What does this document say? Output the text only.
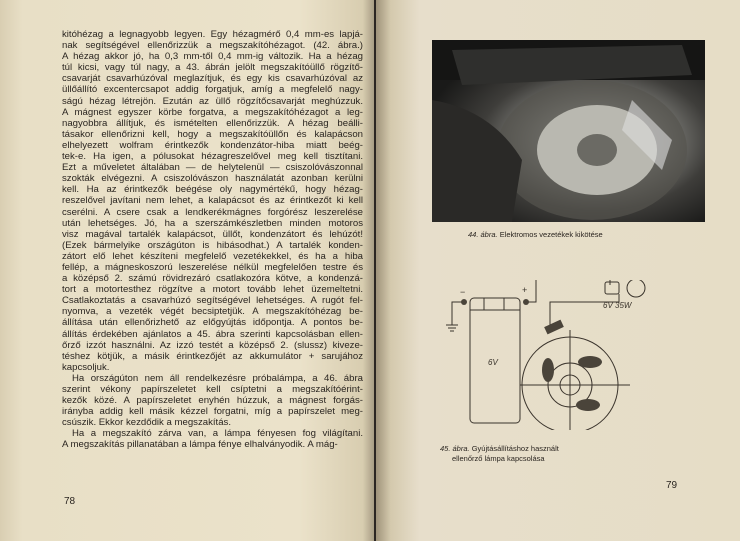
kitóhézag a legnagyobb legyen. Egy hézagmérő 0,4 mm-es lapjá-
nak segítségével ellenőrizzük a megszakítóhézagot. (42. ábra.)
A hézag akkor jó, ha 0,3 mm-től 0,4 mm-ig változik. Ha a hézag
túl kicsi, vagy túl nagy, a 43. ábrán jelölt megszakítóüllő rögzítő-
csavarját csavarhúzóval meglazítjuk, és egy kis csavarhúzóval az
üllőállító excentercsapot addig forgatjuk, amíg a megfelelő nagy-
ságú hézag létrejön. Ezután az üllő rögzítőcsavarját meghúzzuk.
A mágnest egyszer körbe forgatva, a megszakítóhézagot a leg-
nagyobbra állítjuk, és ismételten ellenőrizzük. A hézag beálli-
tásakor ellenőrizni kell, hogy a megszakítóüllőn és kalapácson
elhelyezett wolfram érintkezők kondenzátor-hiba miatt beég-
tek-e. Ha igen, a pólusokat hézagreszelővel meg kell tisztítani.
Ezt a műveletet általában — de helytelenül — csiszolóvászonnal
szokták elvégezni. A csiszolóvászon használatát azonban kerülni
kell. Ha az érintkezők beégése oly nagymértékű, hogy hézag-
reszelővel javítani nem lehet, a kalapácsot és az érintkezőt ki kell
cserélni. A csere csak a lendkerékmágnes forgórész leszerelése
után lehetséges. Jó, ha a szerszámkészletben minden motoros
visz magával tartalék kalapácsot, üllőt, kondenzátort és lehúzót!
(Ezek bármelyike országúton is hibásodhat.) A tartalék konden-
zátort elő lehet készíteni megfelelő vezetékekkel, és ha a hiba
fellép, a mágneskoszorú leszerelése nélkül megfelelően testre és
a középső 2. számú rövidrezáró csatlakozóra kötve, a kondenzá-
tort a motortesthez rögzítve a motort tovább lehet üzemeltetni.
Csatlakoztatás a csavarhúzó segítségével lehetséges. A rugót fel-
nyomva, a vezeték végét becsiptetjük. A megszakítóhézag be-
állítása után ellenőrizhető az előgyújtás időpontja. A pontos be-
állítás érdekében ajánlatos a 45. ábra szerinti kapcsolásban ellen-
őrző izzót használni. Az izzó testét a középső 2. (slussz) kiveze-
téshez kötjük, a másik érintkezőjét az akkumulátor + sarujához
kapcsoljuk.
Ha országúton nem áll rendelkezésre próbalámpa, a 46. ábra
szerint vékony papírszeletet kell csíptetni a megszakítóérint-
kezők közé. A papírszeletet enyhén húzzuk, a mágnest forgás-
irányba addig kell másik kézzel forgatni, míg a papírszelet meg-
csúszik. Ekkor kezdődik a megszakítás.
Ha a megszakító zárva van, a lámpa fényesen fog világítani.
A megszakítás pillanatában a lámpa fénye elhalványodik. A mág-
78
44. ábra. Elektromos vezetékek kikötése
6V 35W
6V
+
−
45. ábra. Gyújtásállításhoz használt
ellenőrző lámpa kapcsolása
79
